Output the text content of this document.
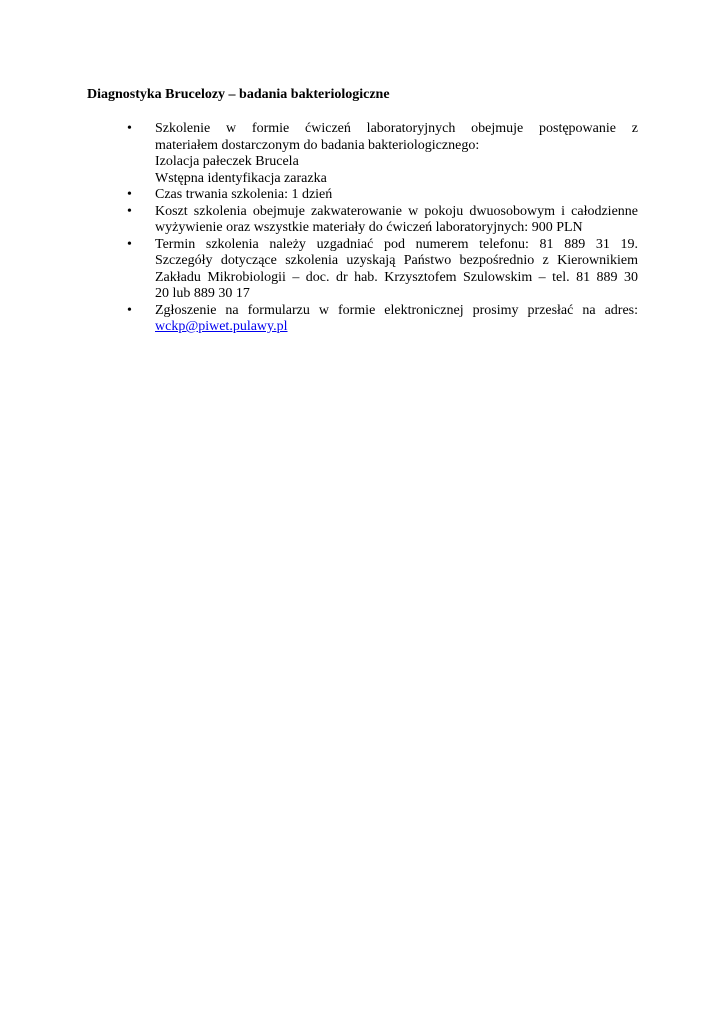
Diagnostyka Brucelozy – badania bakteriologiczne
• Szkolenie w formie ćwiczeń laboratoryjnych obejmuje postępowanie z
materiałem dostarczonym do badania bakteriologicznego:
Izolacja pałeczek Brucela
Wstępna identyfikacja zarazka
• Czas trwania szkolenia: 1 dzień
• Koszt szkolenia obejmuje zakwaterowanie w pokoju dwuosobowym i całodzienne
wyżywienie oraz wszystkie materiały do ćwiczeń laboratoryjnych: 900 PLN
• Termin szkolenia należy uzgadniać pod numerem telefonu: 81 889 31 19.
Szczegóły dotyczące szkolenia uzyskają Państwo bezpośrednio z Kierownikiem
Zakładu Mikrobiologii – doc. dr hab. Krzysztofem Szulowskim – tel. 81 889 30
20 lub 889 30 17
• Zgłoszenie na formularzu w formie elektronicznej prosimy przesłać na adres:
wckp@piwet.pulawy.pl
